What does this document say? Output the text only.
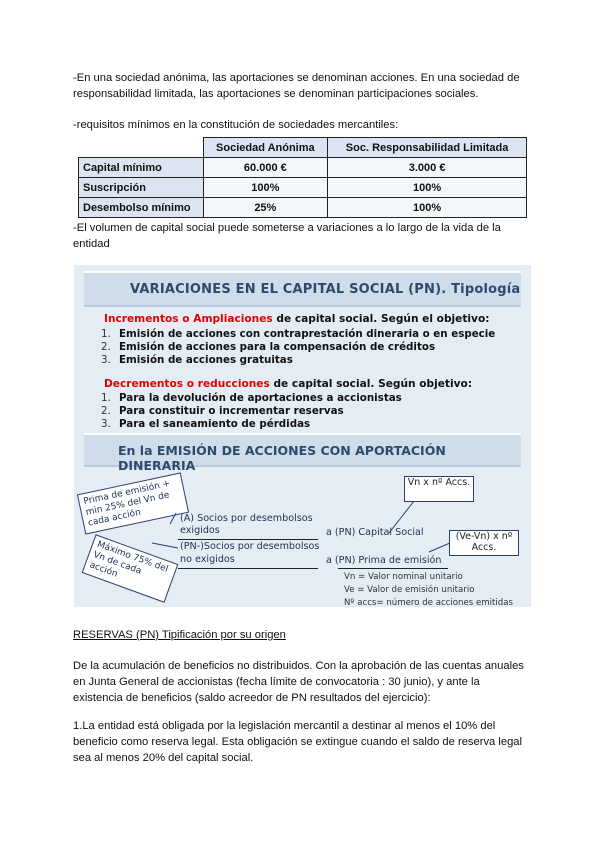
-En una sociedad anónima, las aportaciones se denominan acciones. En una sociedad de
responsabilidad limitada, las aportaciones se denominan participaciones sociales.
-requisitos mínimos en la constitución de sociedades mercantiles:
	Sociedad Anónima	Soc. Responsabilidad Limitada
Capital mínimo	60.000 €	3.000 €
Suscripción	100%	100%
Desembolso mínimo	25%	100%
-El volumen de capital social puede someterse a variaciones a lo largo de la vida de la
entidad
VARIACIONES EN EL CAPITAL SOCIAL (PN). Tipología
Incrementos o Ampliaciones de capital social. Según el objetivo:
1. Emisión de acciones con contraprestación dineraria o en especie
2. Emisión de acciones para la compensación de créditos
3. Emisión de acciones gratuitas
Decrementos o reducciones de capital social. Según objetivo:
1. Para la devolución de aportaciones a accionistas
2. Para constituir o incrementar reservas
3. Para el saneamiento de pérdidas
En la EMISIÓN DE ACCIONES CON APORTACIÓN DINERARIA
Prima de emisión + min 25% del Vn de cada acción
Máximo 75% del Vn de cada acción
Vn x nº Accs.
(Ve-Vn) x nº Accs.
(A) Socios por desembolsos
exigidos
(PN-)Socios por desembolsos
no exigidos
a (PN) Capital Social
a (PN) Prima de emisión
Vn = Valor nominal unitario
Ve = Valor de emisión unitario
Nº accs= número de acciones emitidas
RESERVAS (PN) Tipificación por su origen
De la acumulación de beneficios no distribuidos. Con la aprobación de las cuentas anuales
en Junta General de accionistas (fecha límite de convocatoria : 30 junio), y ante la
existencia de beneficios (saldo acreedor de PN resultados del ejercicio):
1.La entidad está obligada por la legislación mercantil a destinar al menos el 10% del
beneficio como reserva legal. Esta obligación se extingue cuando el saldo de reserva legal
sea al menos 20% del capital social.
